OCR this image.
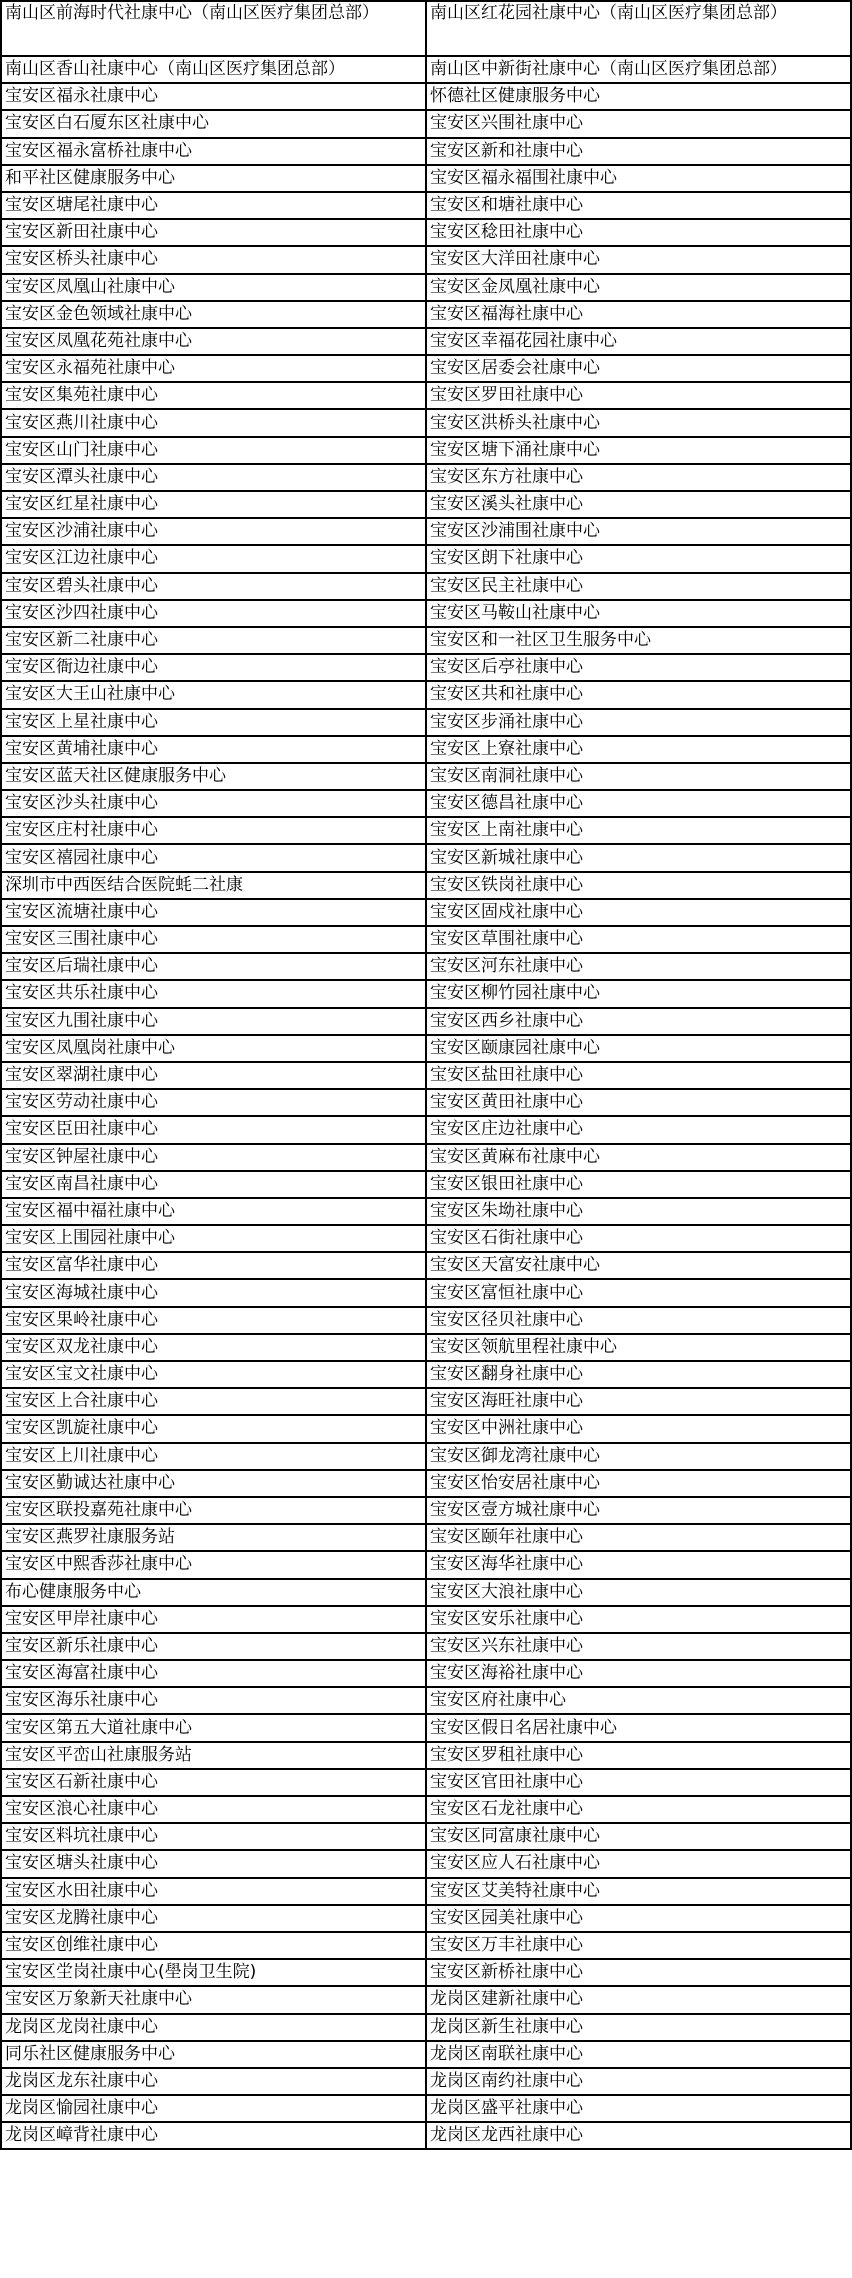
南山区前海时代社康中心（南山区医疗集团总部）	南山区红花园社康中心（南山区医疗集团总部）
南山区香山社康中心（南山区医疗集团总部）	南山区中新街社康中心（南山区医疗集团总部）
宝安区福永社康中心	怀德社区健康服务中心
宝安区白石厦东区社康中心	宝安区兴围社康中心
宝安区福永富桥社康中心	宝安区新和社康中心
和平社区健康服务中心	宝安区福永福围社康中心
宝安区塘尾社康中心	宝安区和塘社康中心
宝安区新田社康中心	宝安区稔田社康中心
宝安区桥头社康中心	宝安区大洋田社康中心
宝安区凤凰山社康中心	宝安区金凤凰社康中心
宝安区金色领域社康中心	宝安区福海社康中心
宝安区凤凰花苑社康中心	宝安区幸福花园社康中心
宝安区永福苑社康中心	宝安区居委会社康中心
宝安区集苑社康中心	宝安区罗田社康中心
宝安区燕川社康中心	宝安区洪桥头社康中心
宝安区山门社康中心	宝安区塘下涌社康中心
宝安区潭头社康中心	宝安区东方社康中心
宝安区红星社康中心	宝安区溪头社康中心
宝安区沙浦社康中心	宝安区沙浦围社康中心
宝安区江边社康中心	宝安区朗下社康中心
宝安区碧头社康中心	宝安区民主社康中心
宝安区沙四社康中心	宝安区马鞍山社康中心
宝安区新二社康中心	宝安区和一社区卫生服务中心
宝安区衙边社康中心	宝安区后亭社康中心
宝安区大王山社康中心	宝安区共和社康中心
宝安区上星社康中心	宝安区步涌社康中心
宝安区黄埔社康中心	宝安区上寮社康中心
宝安区蓝天社区健康服务中心	宝安区南洞社康中心
宝安区沙头社康中心	宝安区德昌社康中心
宝安区庄村社康中心	宝安区上南社康中心
宝安区禧园社康中心	宝安区新城社康中心
深圳市中西医结合医院蚝二社康	宝安区铁岗社康中心
宝安区流塘社康中心	宝安区固戍社康中心
宝安区三围社康中心	宝安区草围社康中心
宝安区后瑞社康中心	宝安区河东社康中心
宝安区共乐社康中心	宝安区柳竹园社康中心
宝安区九围社康中心	宝安区西乡社康中心
宝安区凤凰岗社康中心	宝安区颐康园社康中心
宝安区翠湖社康中心	宝安区盐田社康中心
宝安区劳动社康中心	宝安区黄田社康中心
宝安区臣田社康中心	宝安区庄边社康中心
宝安区钟屋社康中心	宝安区黄麻布社康中心
宝安区南昌社康中心	宝安区银田社康中心
宝安区福中福社康中心	宝安区朱坳社康中心
宝安区上围园社康中心	宝安区石街社康中心
宝安区富华社康中心	宝安区天富安社康中心
宝安区海城社康中心	宝安区富恒社康中心
宝安区果岭社康中心	宝安区径贝社康中心
宝安区双龙社康中心	宝安区领航里程社康中心
宝安区宝文社康中心	宝安区翻身社康中心
宝安区上合社康中心	宝安区海旺社康中心
宝安区凯旋社康中心	宝安区中洲社康中心
宝安区上川社康中心	宝安区御龙湾社康中心
宝安区勤诚达社康中心	宝安区怡安居社康中心
宝安区联投嘉苑社康中心	宝安区壹方城社康中心
宝安区燕罗社康服务站	宝安区颐年社康中心
宝安区中熙香莎社康中心	宝安区海华社康中心
布心健康服务中心	宝安区大浪社康中心
宝安区甲岸社康中心	宝安区安乐社康中心
宝安区新乐社康中心	宝安区兴东社康中心
宝安区海富社康中心	宝安区海裕社康中心
宝安区海乐社康中心	宝安区府社康中心
宝安区第五大道社康中心	宝安区假日名居社康中心
宝安区平峦山社康服务站	宝安区罗租社康中心
宝安区石新社康中心	宝安区官田社康中心
宝安区浪心社康中心	宝安区石龙社康中心
宝安区料坑社康中心	宝安区同富康社康中心
宝安区塘头社康中心	宝安区应人石社康中心
宝安区水田社康中心	宝安区艾美特社康中心
宝安区龙腾社康中心	宝安区园美社康中心
宝安区创维社康中心	宝安区万丰社康中心
宝安区坣岗社康中心(壆岗卫生院)	宝安区新桥社康中心
宝安区万象新天社康中心	龙岗区建新社康中心
龙岗区龙岗社康中心	龙岗区新生社康中心
同乐社区健康服务中心	龙岗区南联社康中心
龙岗区龙东社康中心	龙岗区南约社康中心
龙岗区愉园社康中心	龙岗区盛平社康中心
龙岗区嶂背社康中心	龙岗区龙西社康中心
